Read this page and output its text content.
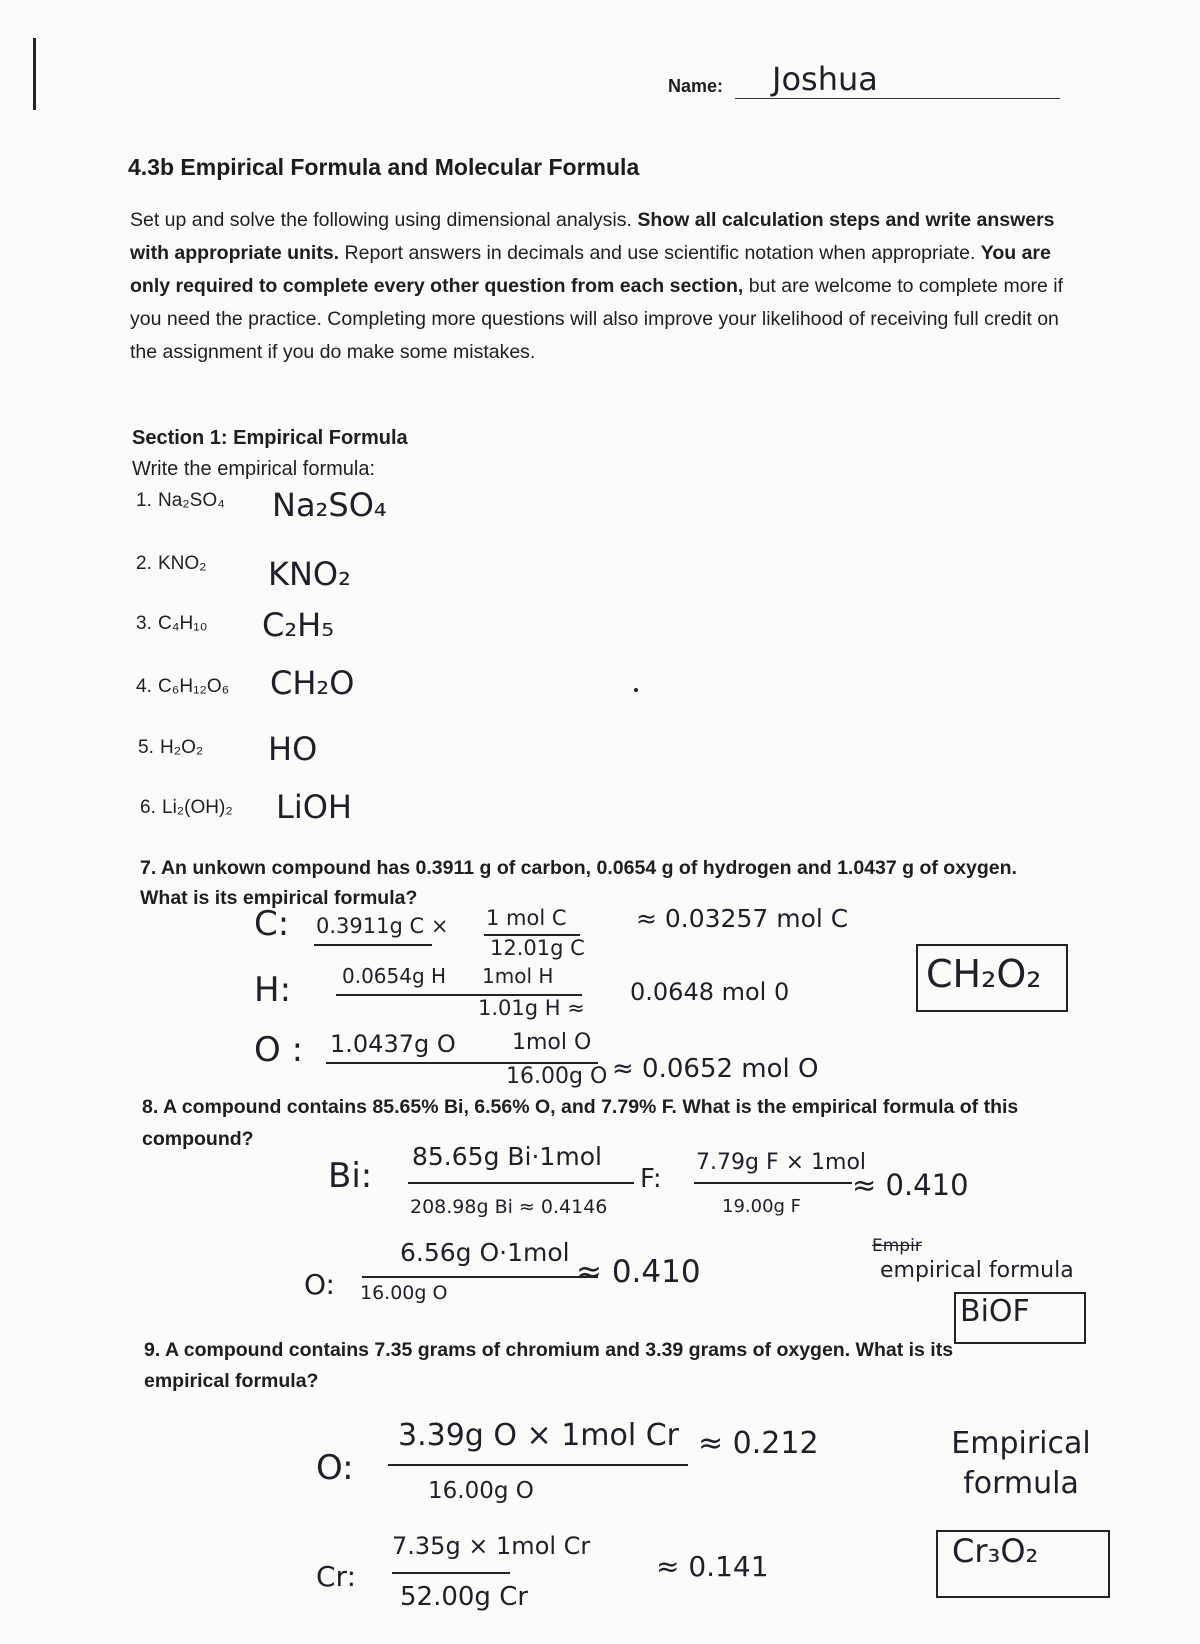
Name: Joshua
4.3b Empirical Formula and Molecular Formula
Set up and solve the following using dimensional analysis. Show all calculation steps and write answers with appropriate units. Report answers in decimals and use scientific notation when appropriate. You are only required to complete every other question from each section, but are welcome to complete more if you need the practice. Completing more questions will also improve your likelihood of receiving full credit on the assignment if you do make some mistakes.
Section 1: Empirical Formula
Write the empirical formula:
1. Na₂SO₄ Na₂SO₄
2. KNO₂ KNO₂
3. C₄H₁₀ C₂H₅
4. C₆H₁₂O₆ CH₂O
5. H₂O₂ HO
6. Li₂(OH)₂ LiOH
7. An unkown compound has 0.3911 g of carbon, 0.0654 g of hydrogen and 1.0437 g of oxygen.
What is its empirical formula?
C: 0.3911g C × 1 mol C
12.01g C
≈ 0.03257 mol C
H:	0.0654g H 1mol H
1.01g H ≈
0.0648 mol 0	CH₂O₂
O : 1.0437g O	1mol O
16.00g O ≈ 0.0652 mol O
8. A compound contains 85.65% Bi, 6.56% O, and 7.79% F. What is the empirical formula of this
compound?
Bi: 85.65g Bi·1mol
208.98g Bi ≈ 0.4146
F:
7.79g F × 1mol
19.00g F
≈ 0.410
O:
6.56g O·1mol
16.00g O
≈ 0.410
Empir
empirical formula
BiOF
9. A compound contains 7.35 grams of chromium and 3.39 grams of oxygen. What is its
empirical formula?
O:
3.39g O × 1mol Cr
16.00g O
≈ 0.212	Empirical formula
Cr₃O₂
Cr:
7.35g × 1mol Cr
52.00g Cr
≈ 0.141
